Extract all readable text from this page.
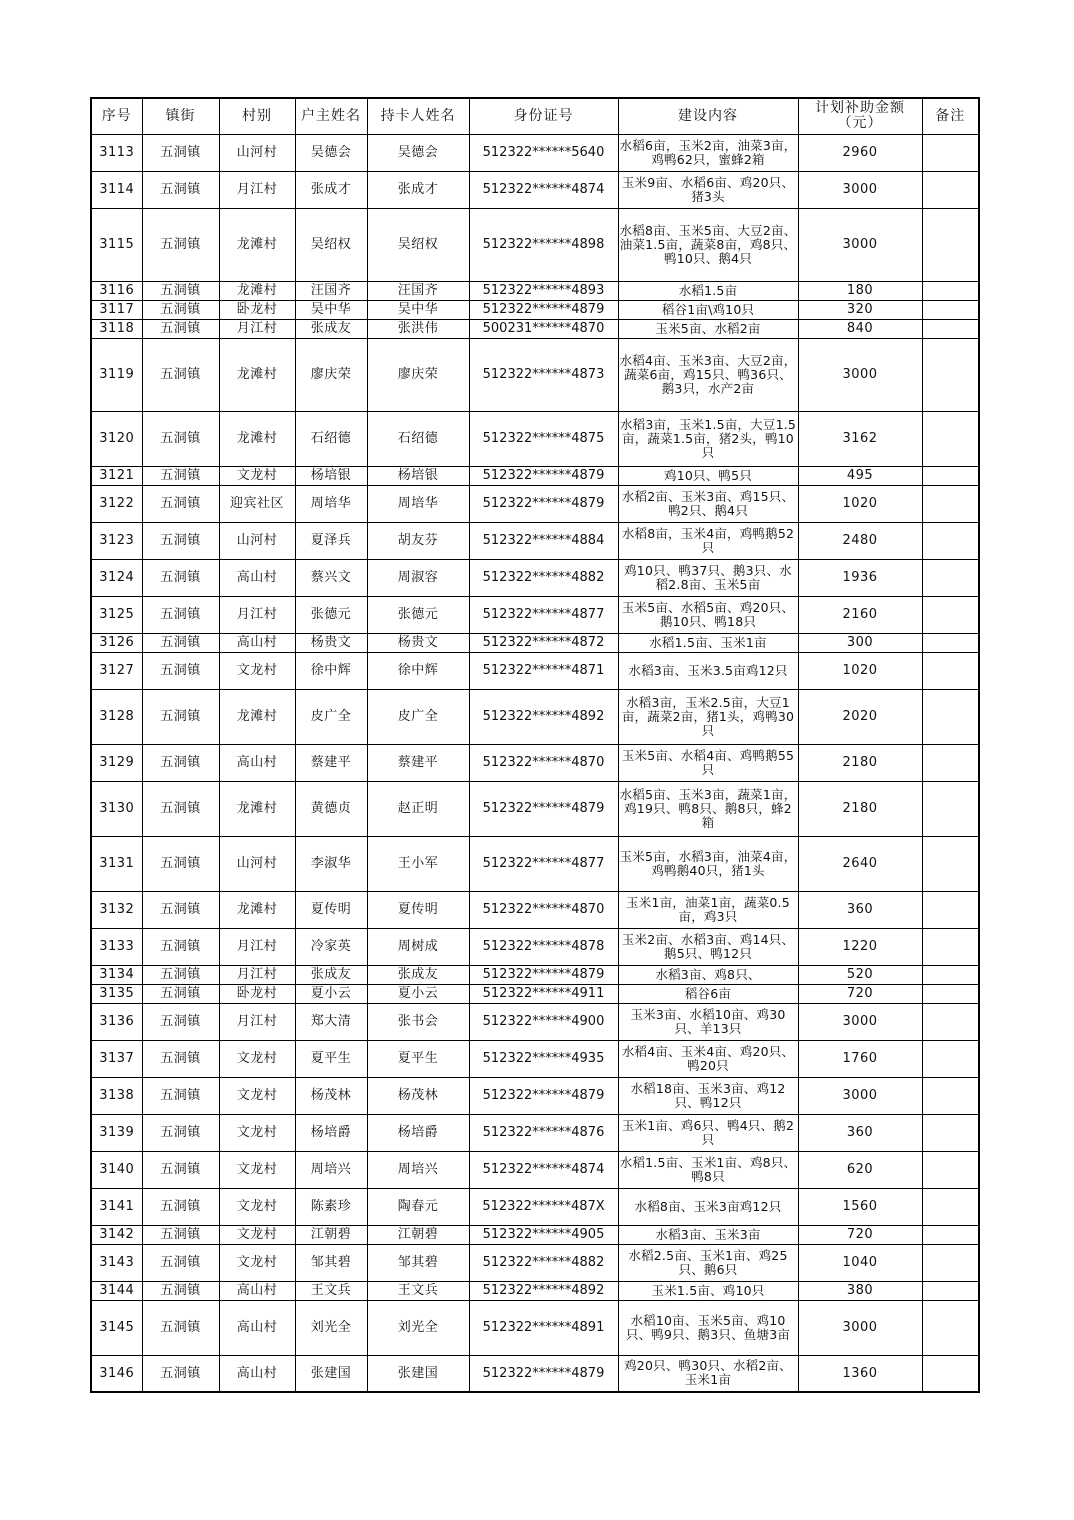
序号	镇街	村别	户主姓名	持卡人姓名	身份证号	建设内容	计划补助金额（元）	备注
3113	五洞镇	山河村	吴德会	吴德会	512322******5640	水稻6亩，玉米2亩，油菜3亩，鸡鸭62只，蜜蜂2箱	2960	
3114	五洞镇	月江村	张成才	张成才	512322******4874	玉米9亩、水稻6亩、鸡20只、猪3头	3000	
3115	五洞镇	龙滩村	吴绍权	吴绍权	512322******4898	水稻8亩、玉米5亩、大豆2亩、油菜1.5亩，蔬菜8亩，鸡8只、鸭10只、鹅4只	3000	
3116	五洞镇	龙滩村	汪国齐	汪国齐	512322******4893	水稻1.5亩	180	
3117	五洞镇	卧龙村	吴中华	吴中华	512322******4879	稻谷1亩\鸡10只	320	
3118	五洞镇	月江村	张成友	张洪伟	500231******4870	玉米5亩、水稻2亩	840	
3119	五洞镇	龙滩村	廖庆荣	廖庆荣	512322******4873	水稻4亩、玉米3亩、大豆2亩，蔬菜6亩，鸡15只、鸭36只、鹅3只，水产2亩	3000	
3120	五洞镇	龙滩村	石绍德	石绍德	512322******4875	水稻3亩，玉米1.5亩，大豆1.5亩，蔬菜1.5亩，猪2头，鸭10只	3162	
3121	五洞镇	文龙村	杨培银	杨培银	512322******4879	鸡10只、鸭5只	495	
3122	五洞镇	迎宾社区	周培华	周培华	512322******4879	水稻2亩、玉米3亩、鸡15只、鸭2只、鹅4只	1020	
3123	五洞镇	山河村	夏泽兵	胡友芬	512322******4884	水稻8亩，玉米4亩，鸡鸭鹅52只	2480	
3124	五洞镇	高山村	蔡兴文	周淑容	512322******4882	鸡10只、鸭37只、鹅3只、水稻2.8亩、玉米5亩	1936	
3125	五洞镇	月江村	张德元	张德元	512322******4877	玉米5亩、水稻5亩、鸡20只、鹅10只、鸭18只	2160	
3126	五洞镇	高山村	杨贵文	杨贵文	512322******4872	水稻1.5亩、玉米1亩	300	
3127	五洞镇	文龙村	徐中辉	徐中辉	512322******4871	水稻3亩、玉米3.5亩鸡12只	1020	
3128	五洞镇	龙滩村	皮广全	皮广全	512322******4892	水稻3亩，玉米2.5亩，大豆1亩，蔬菜2亩，猪1头，鸡鸭30只	2020	
3129	五洞镇	高山村	蔡建平	蔡建平	512322******4870	玉米5亩、水稻4亩、鸡鸭鹅55只	2180	
3130	五洞镇	龙滩村	黄德贞	赵正明	512322******4879	水稻5亩、玉米3亩，蔬菜1亩，鸡19只、鸭8只、鹅8只，蜂2箱	2180	
3131	五洞镇	山河村	李淑华	王小军	512322******4877	玉米5亩，水稻3亩，油菜4亩，鸡鸭鹅40只，猪1头	2640	
3132	五洞镇	龙滩村	夏传明	夏传明	512322******4870	玉米1亩，油菜1亩，蔬菜0.5亩，鸡3只	360	
3133	五洞镇	月江村	冷家英	周树成	512322******4878	玉米2亩、水稻3亩、鸡14只、鹅5只、鸭12只	1220	
3134	五洞镇	月江村	张成友	张成友	512322******4879	水稻3亩、鸡8只、	520	
3135	五洞镇	卧龙村	夏小云	夏小云	512322******4911	稻谷6亩	720	
3136	五洞镇	月江村	郑大清	张书会	512322******4900	玉米3亩、水稻10亩、鸡30只、羊13只	3000	
3137	五洞镇	文龙村	夏平生	夏平生	512322******4935	水稻4亩、玉米4亩、鸡20只、鸭20只	1760	
3138	五洞镇	文龙村	杨茂林	杨茂林	512322******4879	水稻18亩、玉米3亩、鸡12只、鸭12只	3000	
3139	五洞镇	文龙村	杨培爵	杨培爵	512322******4876	玉米1亩、鸡6只、鸭4只、鹅2只	360	
3140	五洞镇	文龙村	周培兴	周培兴	512322******4874	水稻1.5亩、玉米1亩、鸡8只、鸭8只	620	
3141	五洞镇	文龙村	陈素珍	陶春元	512322******487X	水稻8亩、玉米3亩鸡12只	1560	
3142	五洞镇	文龙村	江朝碧	江朝碧	512322******4905	水稻3亩、玉米3亩	720	
3143	五洞镇	文龙村	邹其碧	邹其碧	512322******4882	水稻2.5亩、玉米1亩、鸡25只、鹅6只	1040	
3144	五洞镇	高山村	王文兵	王文兵	512322******4892	玉米1.5亩、鸡10只	380	
3145	五洞镇	高山村	刘光全	刘光全	512322******4891	水稻10亩、玉米5亩、鸡10只、鸭9只、鹅3只、鱼塘3亩	3000	
3146	五洞镇	高山村	张建国	张建国	512322******4879	鸡20只、鸭30只、水稻2亩、玉米1亩	1360	
